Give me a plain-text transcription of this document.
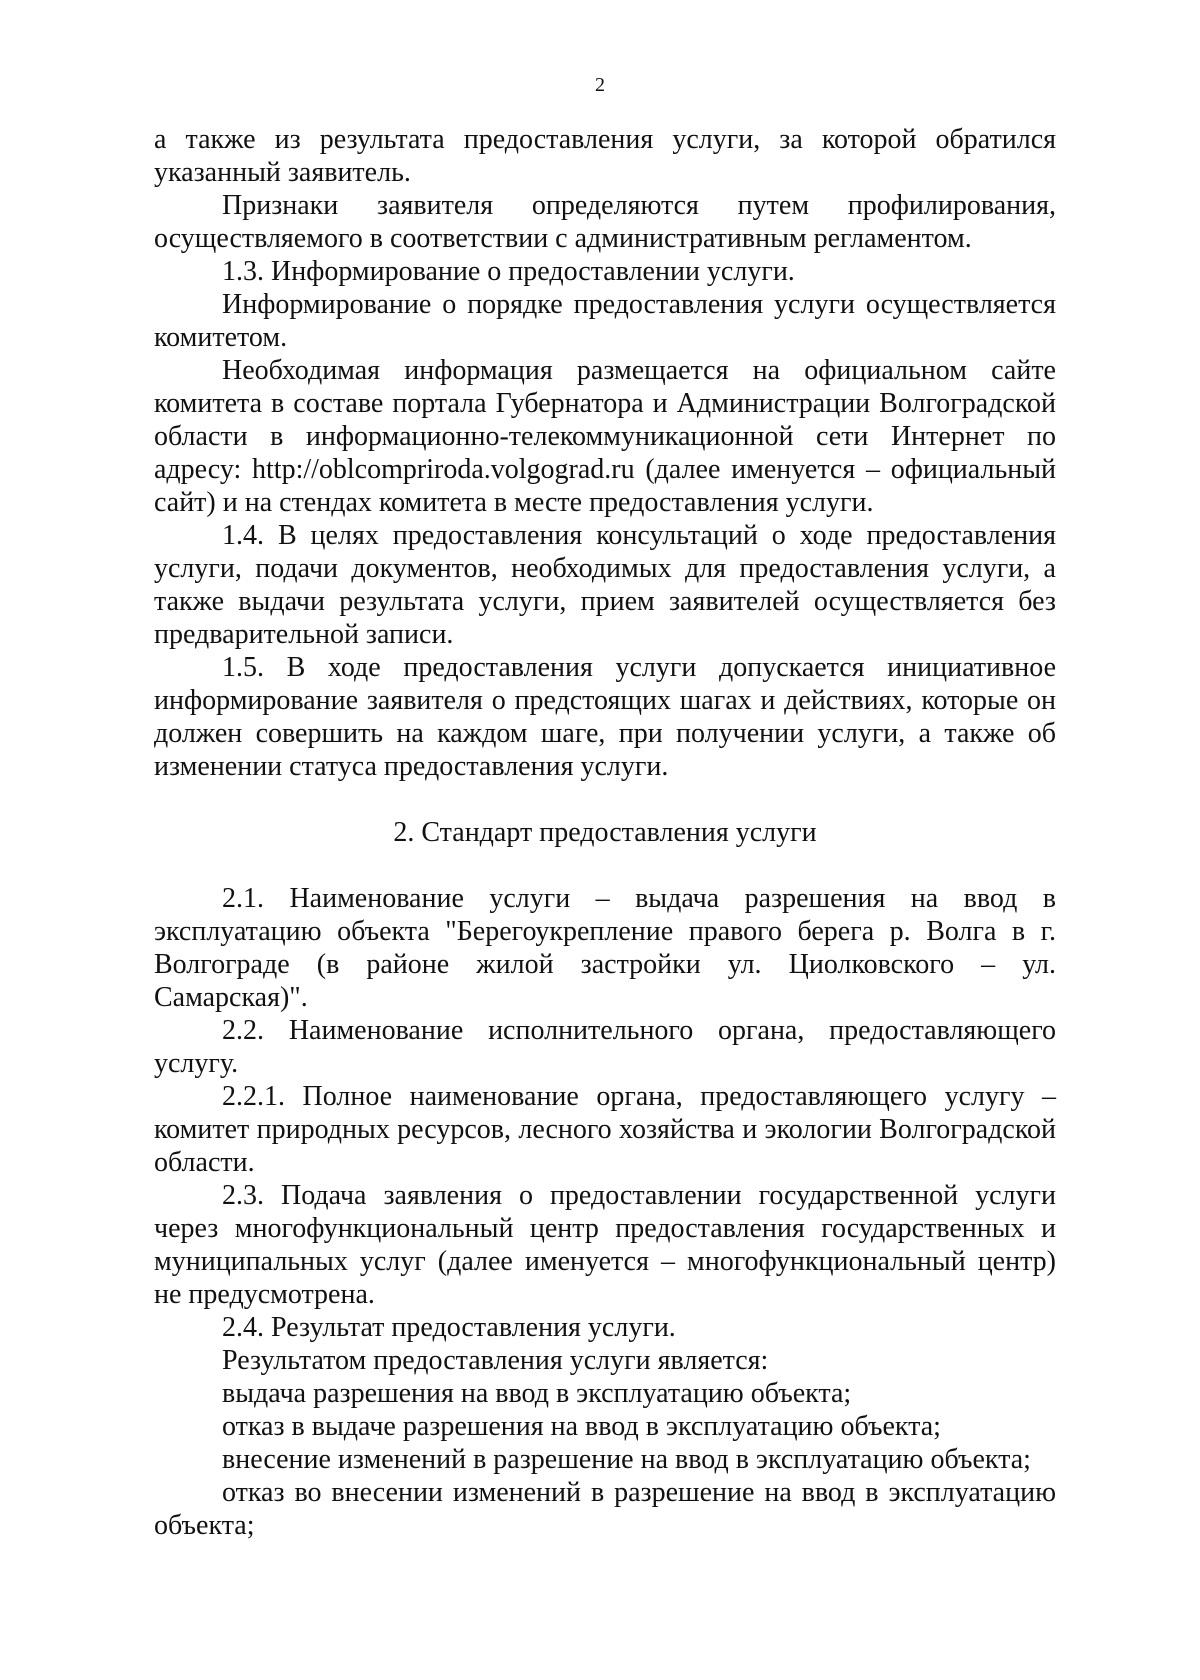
2

а также из результата предоставления услуги, за которой обратился указанный заявитель.

Признаки заявителя определяются путем профилирования, осуществляемого в соответствии с административным регламентом.

1.3. Информирование о предоставлении услуги.

Информирование о порядке предоставления услуги осуществляется комитетом.

Необходимая информация размещается на официальном сайте комитета в составе портала Губернатора и Администрации Волгоградской области в информационно-телекоммуникационной сети Интернет по адресу: http://oblcompriroda.volgograd.ru (далее именуется – официальный сайт) и на стендах комитета в месте предоставления услуги.

1.4. В целях предоставления консультаций о ходе предоставления услуги, подачи документов, необходимых для предоставления услуги, а также выдачи результата услуги, прием заявителей осуществляется без предварительной записи.

1.5. В ходе предоставления услуги допускается инициативное информирование заявителя о предстоящих шагах и действиях, которые он должен совершить на каждом шаге, при получении услуги, а также об изменении статуса предоставления услуги.

2. Стандарт предоставления услуги

2.1. Наименование услуги – выдача разрешения на ввод в эксплуатацию объекта "Берегоукрепление правого берега р. Волга в г. Волгограде (в районе жилой застройки ул. Циолковского – ул. Самарская)".

2.2. Наименование исполнительного органа, предоставляющего услугу.

2.2.1. Полное наименование органа, предоставляющего услугу – комитет природных ресурсов, лесного хозяйства и экологии Волгоградской области.

2.3. Подача заявления о предоставлении государственной услуги через многофункциональный центр предоставления государственных и муниципальных услуг (далее именуется – многофункциональный центр) не предусмотрена.

2.4. Результат предоставления услуги.

Результатом предоставления услуги является:

выдача разрешения на ввод в эксплуатацию объекта;

отказ в выдаче разрешения на ввод в эксплуатацию объекта;

внесение изменений в разрешение на ввод в эксплуатацию объекта;

отказ во внесении изменений в разрешение на ввод в эксплуатацию объекта;
